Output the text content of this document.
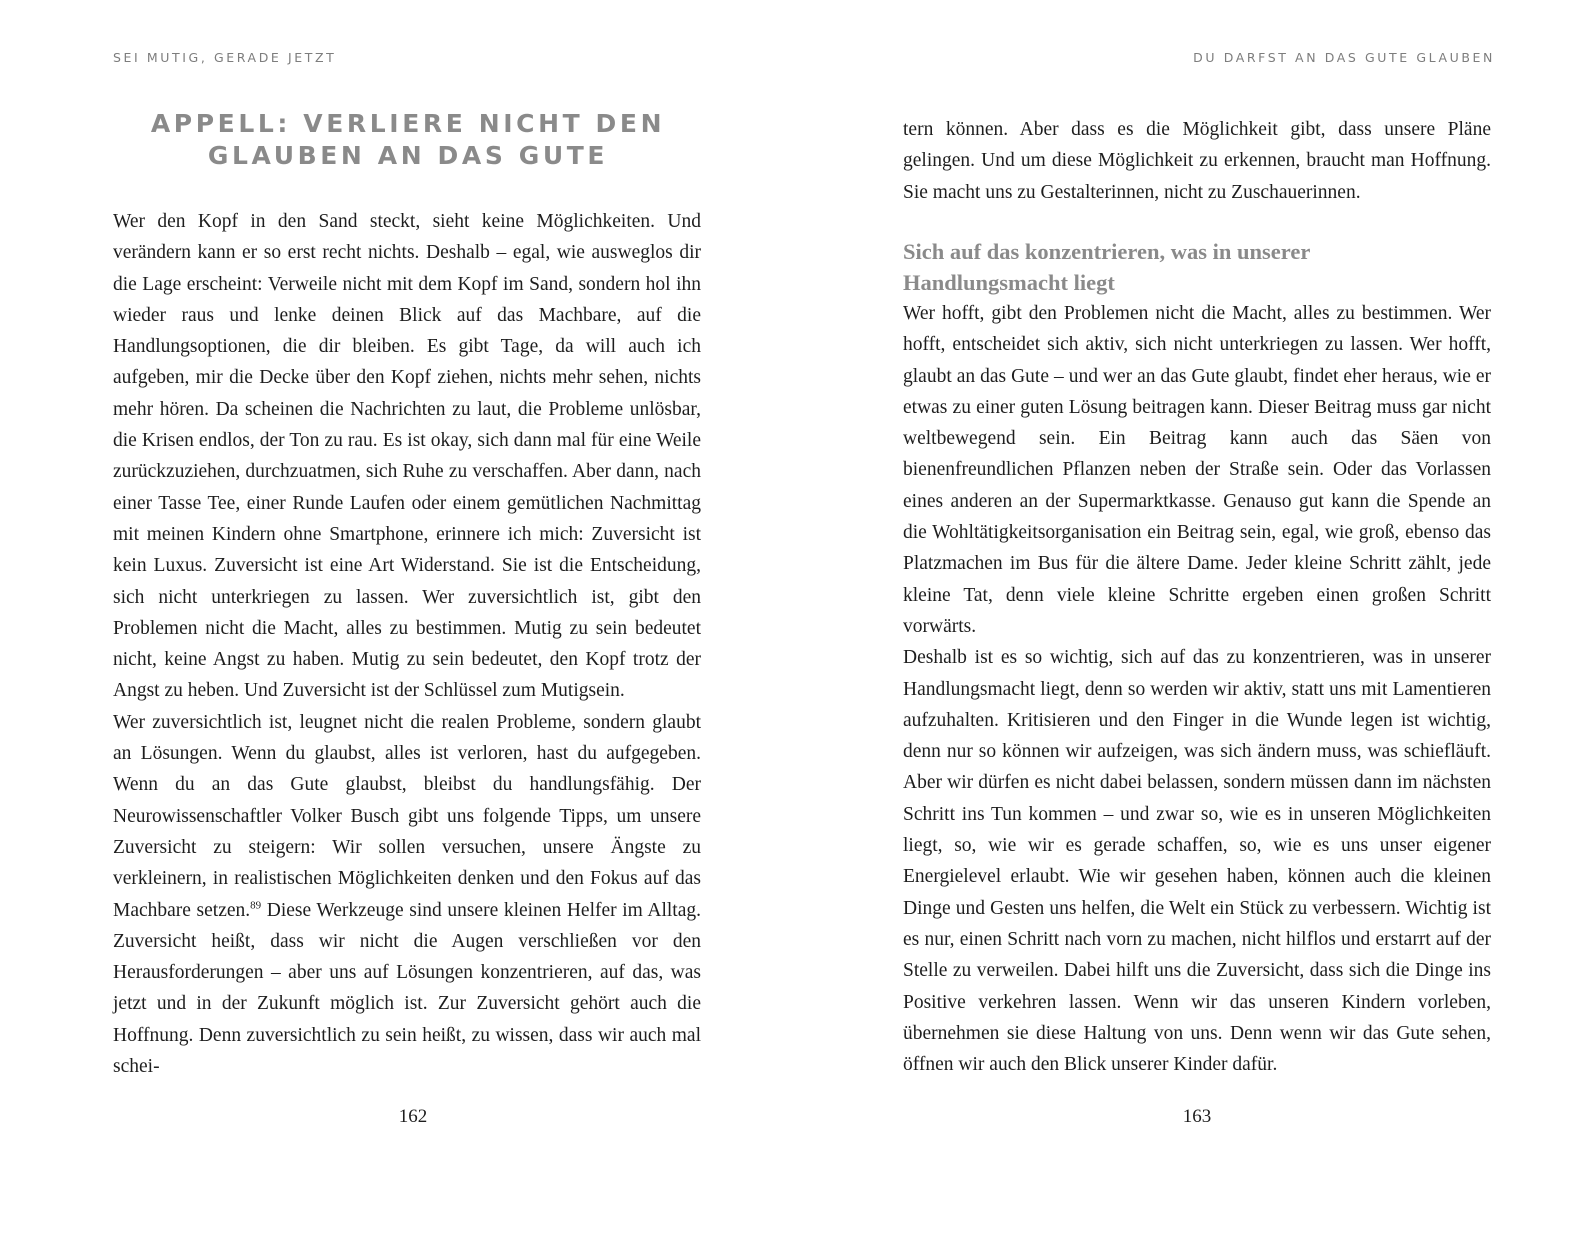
SEI MUTIG, GERADE JETZT
APPELL: VERLIERE NICHT DEN
GLAUBEN AN DAS GUTE

Wer den Kopf in den Sand steckt, sieht keine Möglichkeiten. Und verändern kann er so erst recht nichts. Deshalb – egal, wie ausweglos dir die Lage erscheint: Verweile nicht mit dem Kopf im Sand, sondern hol ihn wieder raus und lenke deinen Blick auf das Machbare, auf die Handlungsoptionen, die dir bleiben. Es gibt Tage, da will auch ich aufgeben, mir die Decke über den Kopf ziehen, nichts mehr sehen, nichts mehr hören. Da scheinen die Nachrichten zu laut, die Probleme unlösbar, die Krisen endlos, der Ton zu rau. Es ist okay, sich dann mal für eine Weile zurückzuziehen, durchzuatmen, sich Ruhe zu verschaffen. Aber dann, nach einer Tasse Tee, einer Runde Laufen oder einem gemütlichen Nachmittag mit meinen Kindern ohne Smartphone, erinnere ich mich: Zuversicht ist kein Luxus. Zuversicht ist eine Art Widerstand. Sie ist die Entscheidung, sich nicht unterkriegen zu lassen. Wer zuversichtlich ist, gibt den Problemen nicht die Macht, alles zu bestimmen. Mutig zu sein bedeutet nicht, keine Angst zu haben. Mutig zu sein bedeutet, den Kopf trotz der Angst zu heben. Und Zuversicht ist der Schlüssel zum Mutigsein.

Wer zuversichtlich ist, leugnet nicht die realen Probleme, sondern glaubt an Lösungen. Wenn du glaubst, alles ist verloren, hast du aufgegeben. Wenn du an das Gute glaubst, bleibst du handlungsfähig. Der Neurowissenschaftler Volker Busch gibt uns folgende Tipps, um unsere Zuversicht zu steigern: Wir sollen versuchen, unsere Ängste zu verkleinern, in realistischen Möglichkeiten denken und den Fokus auf das Machbare setzen.$^{89}$ Diese Werkzeuge sind unsere kleinen Helfer im Alltag. Zuversicht heißt, dass wir nicht die Augen verschließen vor den Herausforderungen – aber uns auf Lösungen konzentrieren, auf das, was jetzt und in der Zukunft möglich ist. Zur Zuversicht gehört auch die Hoffnung. Denn zuversichtlich zu sein heißt, zu wissen, dass wir auch mal schei-

162
DU DARFST AN DAS GUTE GLAUBEN

tern können. Aber dass es die Möglichkeit gibt, dass unsere Pläne gelingen. Und um diese Möglichkeit zu erkennen, braucht man Hoffnung. Sie macht uns zu Gestalterinnen, nicht zu Zuschauerinnen.

Sich auf das konzentrieren, was in unserer
Handlungsmacht liegt

Wer hofft, gibt den Problemen nicht die Macht, alles zu bestimmen. Wer hofft, entscheidet sich aktiv, sich nicht unterkriegen zu lassen. Wer hofft, glaubt an das Gute – und wer an das Gute glaubt, findet eher heraus, wie er etwas zu einer guten Lösung beitragen kann. Dieser Beitrag muss gar nicht weltbewegend sein. Ein Beitrag kann auch das Säen von bienenfreundlichen Pflanzen neben der Straße sein. Oder das Vorlassen eines anderen an der Supermarktkasse. Genauso gut kann die Spende an die Wohltätigkeitsorganisation ein Beitrag sein, egal, wie groß, ebenso das Platzmachen im Bus für die ältere Dame. Jeder kleine Schritt zählt, jede kleine Tat, denn viele kleine Schritte ergeben einen großen Schritt vorwärts.

Deshalb ist es so wichtig, sich auf das zu konzentrieren, was in unserer Handlungsmacht liegt, denn so werden wir aktiv, statt uns mit Lamentieren aufzuhalten. Kritisieren und den Finger in die Wunde legen ist wichtig, denn nur so können wir aufzeigen, was sich ändern muss, was schiefläuft. Aber wir dürfen es nicht dabei belassen, sondern müssen dann im nächsten Schritt ins Tun kommen – und zwar so, wie es in unseren Möglichkeiten liegt, so, wie wir es gerade schaffen, so, wie es uns unser eigener Energielevel erlaubt. Wie wir gesehen haben, können auch die kleinen Dinge und Gesten uns helfen, die Welt ein Stück zu verbessern. Wichtig ist es nur, einen Schritt nach vorn zu machen, nicht hilflos und erstarrt auf der Stelle zu verweilen. Dabei hilft uns die Zuversicht, dass sich die Dinge ins Positive verkehren lassen. Wenn wir das unseren Kindern vorleben, übernehmen sie diese Haltung von uns. Denn wenn wir das Gute sehen, öffnen wir auch den Blick unserer Kinder dafür.

163
